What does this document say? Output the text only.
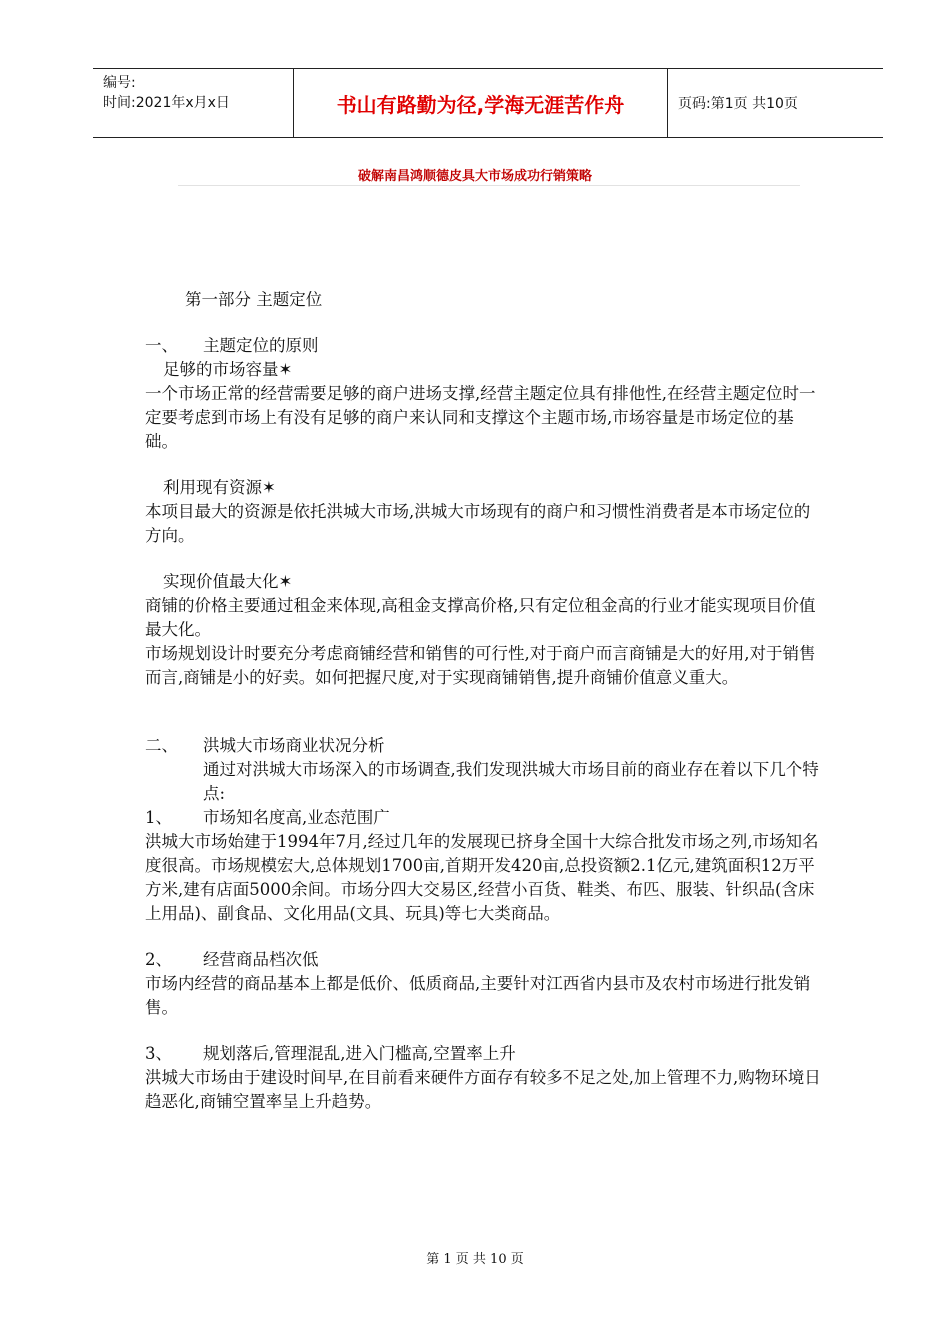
编号:
时间:2021年x月x日	书山有路勤为径,学海无涯苦作舟	页码:第1页 共10页
破解南昌鸿顺德皮具大市场成功行销策略

第一部分 主题定位

一、 主题定位的原则

足够的市场容量✶

一个市场正常的经营需要足够的商户进场支撑,经营主题定位具有排他性,在经营主题定位时一定要考虑到市场上有没有足够的商户来认同和支撑这个主题市场,市场容量是市场定位的基础。

利用现有资源✶

本项目最大的资源是依托洪城大市场,洪城大市场现有的商户和习惯性消费者是本市场定位的方向。

实现价值最大化✶

商铺的价格主要通过租金来体现,高租金支撑高价格,只有定位租金高的行业才能实现项目价值最大化。

市场规划设计时要充分考虑商铺经营和销售的可行性,对于商户而言商铺是大的好用,对于销售而言,商铺是小的好卖。如何把握尺度,对于实现商铺销售,提升商铺价值意义重大。

二、 洪城大市场商业状况分析

通过对洪城大市场深入的市场调查,我们发现洪城大市场目前的商业存在着以下几个特点:

1、 市场知名度高,业态范围广

洪城大市场始建于1994年7月,经过几年的发展现已挤身全国十大综合批发市场之列,市场知名度很高。市场规模宏大,总体规划1700亩,首期开发420亩,总投资额2.1亿元,建筑面积12万平方米,建有店面5000余间。市场分四大交易区,经营小百货、鞋类、布匹、服装、针织品(含床上用品)、副食品、文化用品(文具、玩具)等七大类商品。

2、 经营商品档次低

市场内经营的商品基本上都是低价、低质商品,主要针对江西省内县市及农村市场进行批发销售。

3、 规划落后,管理混乱,进入门槛高,空置率上升

洪城大市场由于建设时间早,在目前看来硬件方面存有较多不足之处,加上管理不力,购物环境日趋恶化,商铺空置率呈上升趋势。

第 1 页 共 10 页
